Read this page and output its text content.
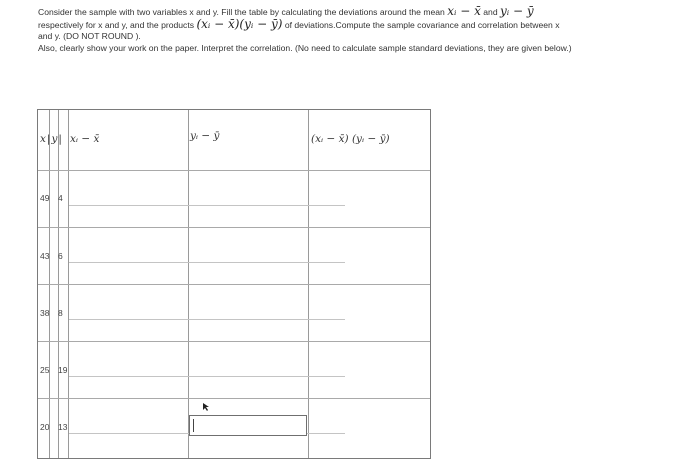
Consider the sample with two variables x and y. Fill the table by calculating the deviations around the mean xᵢ − x̄ and yᵢ − ȳ

respectively for x and y, and the products (xᵢ − x̄)(yᵢ − ȳ) of deviations.Compute the sample covariance and correlation between x

and y. (DO NOT ROUND ).

Also, clearly show your work on the paper. Interpret the correlation. (No need to calculate sample standard deviations, they are given below.)

x|y| xᵢ − x̄	yᵢ − ȳ	(xᵢ − x̄) (yᵢ − ȳ)
49 4
43 6
38 8
25 19
20 13
